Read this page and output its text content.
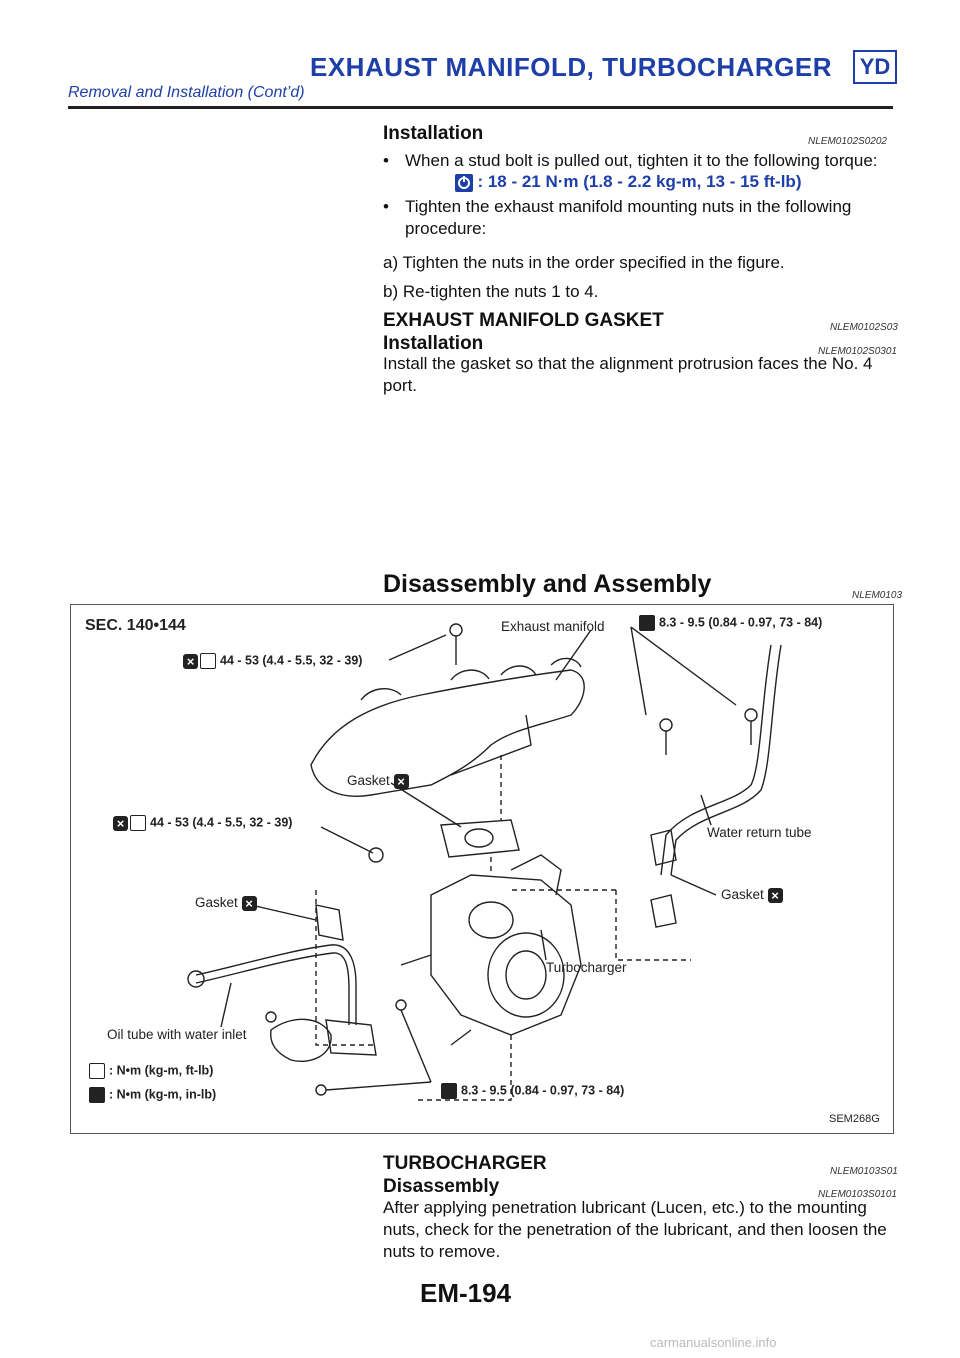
EXHAUST MANIFOLD, TURBOCHARGER	YD
Removal and Installation (Cont’d)
Installation	NLEM0102S0202
• When a stud bolt is pulled out, tighten it to the following torque:
: 18 - 21 N·m (1.8 - 2.2 kg-m, 13 - 15 ft-lb)
• Tighten the exhaust manifold mounting nuts in the following procedure:
a) Tighten the nuts in the order specified in the figure.
b) Re-tighten the nuts 1 to 4.
EXHAUST MANIFOLD GASKET	NLEM0102S03
Installation	NLEM0102S0301
Install the gasket so that the alignment protrusion faces the No. 4 port.
Disassembly and Assembly	NLEM0103
SEC. 140•144	Exhaust manifold	8.3 - 9.5 (0.84 - 0.97, 73 - 84)
× 44 - 53 (4.4 - 5.5, 32 - 39)
Gasket ×
× 44 - 53 (4.4 - 5.5, 32 - 39)
Water return tube
Gasket ×
Gasket ×
Turbocharger
Oil tube with water inlet
: N•m (kg-m, ft-lb)
: N•m (kg-m, in-lb)	8.3 - 9.5 (0.84 - 0.97, 73 - 84)
SEM268G
TURBOCHARGER	NLEM0103S01
Disassembly	NLEM0103S0101
After applying penetration lubricant (Lucen, etc.) to the mounting nuts, check for the penetration of the lubricant, and then loosen the nuts to remove.
EM-194
carmanualsonline.info
